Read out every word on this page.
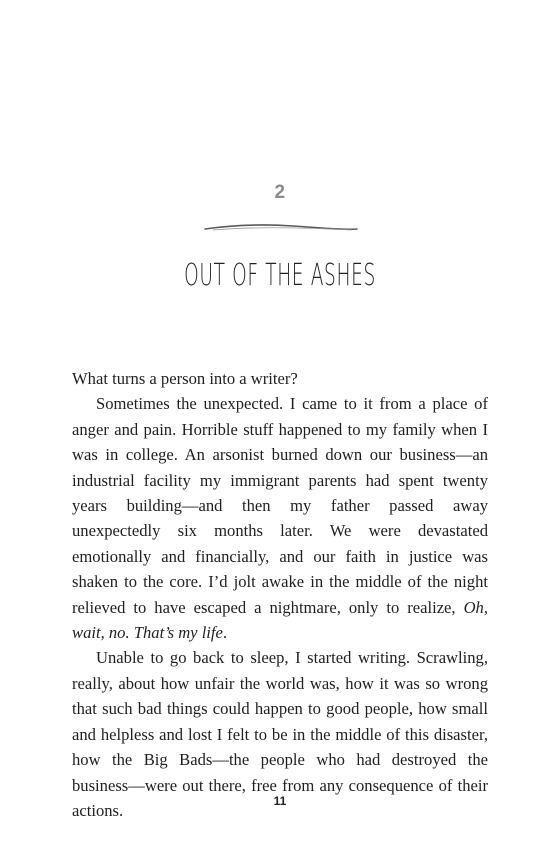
2
OUT OF THE ASHES

What turns a person into a writer?

Sometimes the unexpected. I came to it from a place of anger and pain. Horrible stuff happened to my family when I was in college. An arsonist burned down our business—an industrial facility my immigrant parents had spent twenty years building—and then my father passed away unexpectedly six months later. We were devastated emotionally and financially, and our faith in justice was shaken to the core. I’d jolt awake in the middle of the night relieved to have escaped a nightmare, only to realize, Oh, wait, no. That’s my life.

Unable to go back to sleep, I started writing. Scrawling, really, about how unfair the world was, how it was so wrong that such bad things could happen to good people, how small and helpless and lost I felt to be in the middle of this disaster, how the Big Bads—the people who had destroyed the business—were out there, free from any consequence of their actions.	11
